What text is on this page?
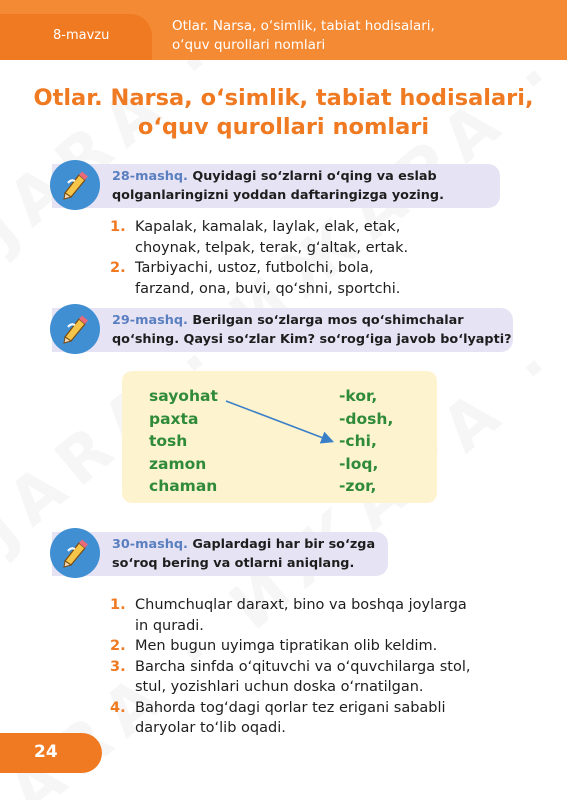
8-mavzu
Otlar. Narsa, o‘simlik, tabiat hodisalari,
o‘quv qurollari nomlari
Otlar. Narsa, o‘simlik, tabiat hodisalari,
o‘quv qurollari nomlari
28-mashq. Quyidagi so‘zlarni o‘qing va eslab
qolganlaringizni yoddan daftaringizga yozing.
1. Kapalak, kamalak, laylak, elak, etak,
choynak, telpak, terak, g‘altak, ertak.
2. Tarbiyachi, ustoz, futbolchi, bola,
farzand, ona, buvi, qo‘shni, sportchi.
29-mashq. Berilgan so‘zlarga mos qo‘shimchalar
qo‘shing. Qaysi so‘zlar Kim? so‘rog‘iga javob bo‘lyapti?
sayohat
paxta
tosh
zamon
chaman
-kor,
-dosh,
-chi,
-loq,
-zor,
30-mashq. Gaplardagi har bir so‘zga
so‘roq bering va otlarni aniqlang.
1. Chumchuqlar daraxt, bino va boshqa joylarga
in quradi.
2. Men bugun uyimga tipratikan olib keldim.
3. Barcha sinfda o‘qituvchi va o‘quvchilarga stol,
stul, yozishlari uchun doska o‘rnatilgan.
4. Bahorda tog‘dagi qorlar tez erigani sababli
daryolar to‘lib oqadi.
24
